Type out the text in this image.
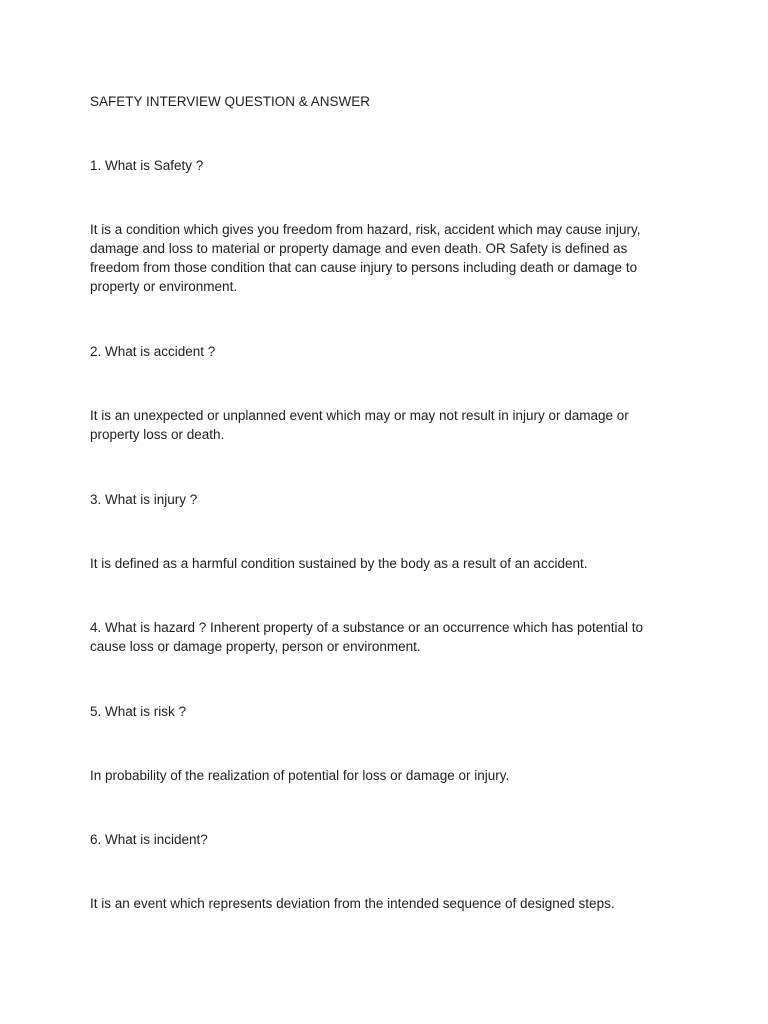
SAFETY INTERVIEW QUESTION & ANSWER

1. What is Safety ?

It is a condition which gives you freedom from hazard, risk, accident which may cause injury, damage and loss to material or property damage and even death. OR Safety is defined as freedom from those condition that can cause injury to persons including death or damage to property or environment.

2. What is accident ?

It is an unexpected or unplanned event which may or may not result in injury or damage or property loss or death.

3. What is injury ?

It is defined as a harmful condition sustained by the body as a result of an accident.

4. What is hazard ? Inherent property of a substance or an occurrence which has potential to cause loss or damage property, person or environment.

5. What is risk ?

In probability of the realization of potential for loss or damage or injury.

6. What is incident?

It is an event which represents deviation from the intended sequence of designed steps.
